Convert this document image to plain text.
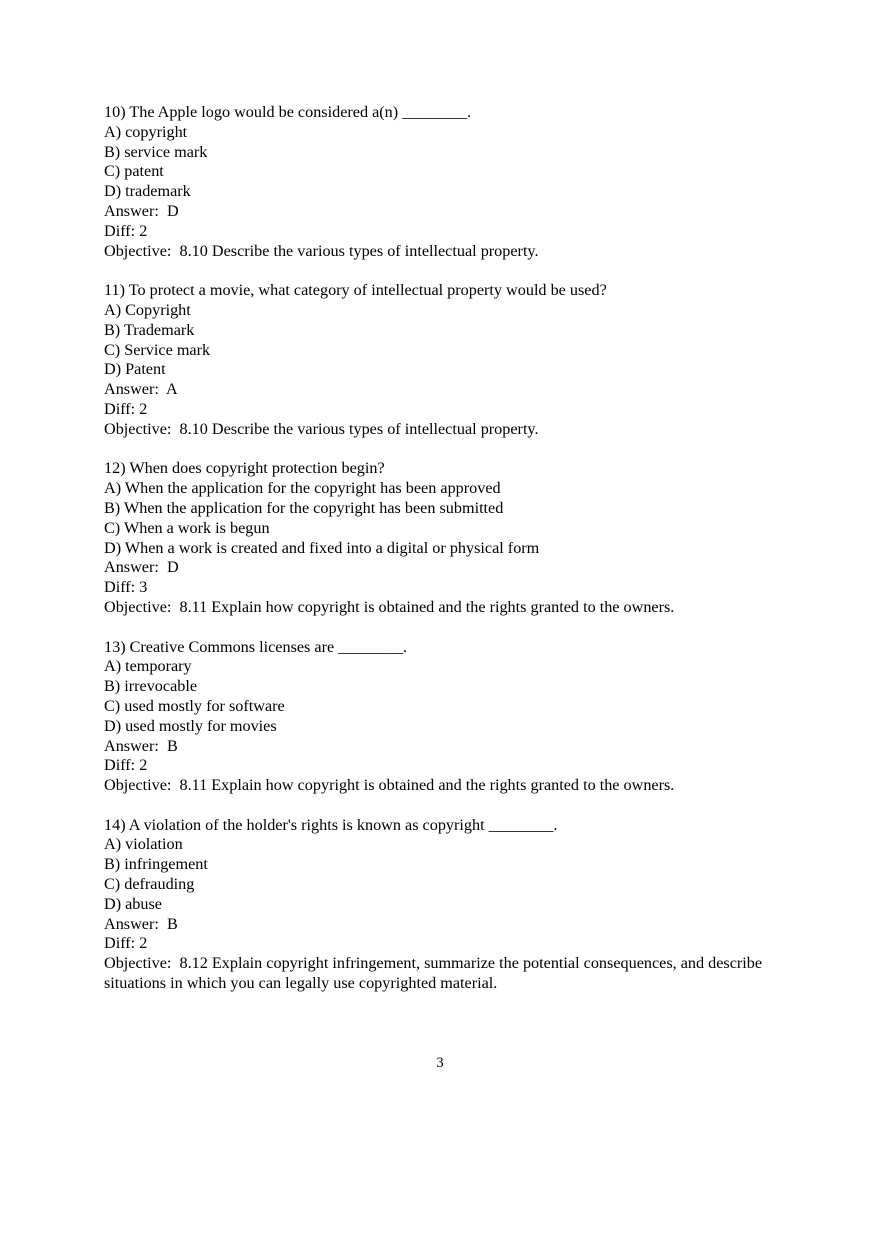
10) The Apple logo would be considered a(n) ________.

A) copyright

B) service mark

C) patent

D) trademark

Answer:  D

Diff: 2

Objective:  8.10 Describe the various types of intellectual property.

11) To protect a movie, what category of intellectual property would be used?

A) Copyright

B) Trademark

C) Service mark

D) Patent

Answer:  A

Diff: 2

Objective:  8.10 Describe the various types of intellectual property.

12) When does copyright protection begin?

A) When the application for the copyright has been approved

B) When the application for the copyright has been submitted

C) When a work is begun

D) When a work is created and fixed into a digital or physical form

Answer:  D

Diff: 3

Objective:  8.11 Explain how copyright is obtained and the rights granted to the owners.

13) Creative Commons licenses are ________.

A) temporary

B) irrevocable

C) used mostly for software

D) used mostly for movies

Answer:  B

Diff: 2

Objective:  8.11 Explain how copyright is obtained and the rights granted to the owners.

14) A violation of the holder's rights is known as copyright ________.

A) violation

B) infringement

C) defrauding

D) abuse

Answer:  B

Diff: 2

Objective:  8.12 Explain copyright infringement, summarize the potential consequences, and describe situations in which you can legally use copyrighted material.

3
